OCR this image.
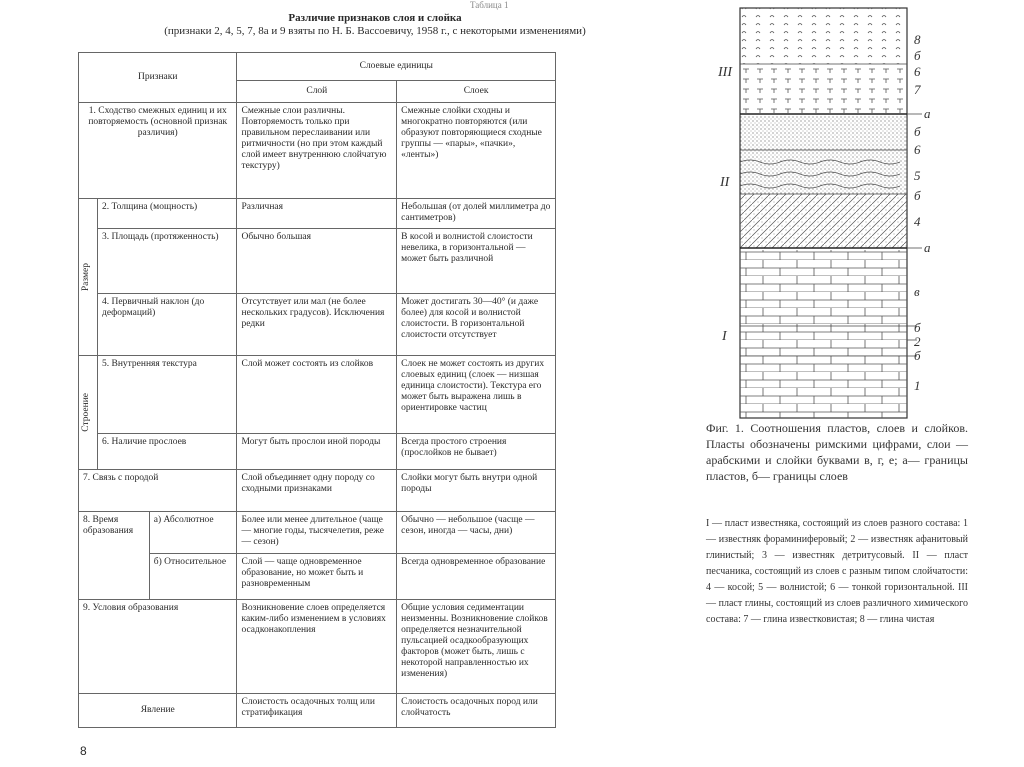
Таблица 1
Различие признаков слоя и слойка
(признаки 2, 4, 5, 7, 8а и 9 взяты по Н. Б. Вассоевичу, 1958 г., с некоторыми изменениями)
Признаки			Слоевые единицы	
			Слой	Слоек
1. Сходство смежных единиц и их повторяемость (основной признак различия)			Смежные слои различны. Повторяемость только при правильном переслаивании или ритмичности (но при этом каждый слой имеет внутреннюю слойчатую текстуру)	Смежные слойки сходны и многократно повторяются (или образуют повторяющиеся сходные группы — «пары», «пачки», «ленты»)

Размер	2. Толщина (мощность)		Различная	Небольшая (от долей миллиметра до сантиметров)
	3. Площадь (протяженность)		Обычно большая	В косой и волнистой слоистости невелика, в горизонтальной — может быть различной
	4. Первичный наклон (до деформаций)		Отсутствует или мал (не более нескольких градусов). Исключения редки	Может достигать 30—40° (и даже более) для косой и волнистой слоистости. В горизонтальной слоистости отсутствует

Строение	5. Внутренняя текстура		Слой может состоять из слойков	Слоек не может состоять из других слоевых единиц (слоек — низшая единица слоистости). Текстура его может быть выражена лишь в ориентировке частиц
	6. Наличие прослоев		Могут быть прослои иной породы	Всегда простого строения (прослойков не бывает)
7. Связь с породой			Слой объединяет одну породу со сходными признаками	Слойки могут быть внутри одной породы
8. Время образования		а) Абсолютное	Более или менее длительное (чаще — многие годы, тысячелетия, реже — сезон)	Обычно — небольшое (часще — сезон, иногда — часы, дни)
		б) Относительное	Слой — чаще одновременное образование, но может быть и разновременным	Всегда одновременное образование
9. Условия образования			Возникновение слоев определяется каким-либо изменением в условиях осадконакопления	Общие условия седиментации неизменны. Возникновение слойков определяется незначительной пульсацией осадкообразующих факторов (может быть, лишь с некоторой направленностью их изменения)
Явление			Слоистость осадочных толщ или стратификация	Слоистость осадочных пород или слойчатость
8
III
II
I
8
б
6
7
а
б
6
5
б
4
а
в
б
2
б
1
Фиг. 1. Соотношения пластов, слоев и слойков. Пласты обозначены римскими цифрами, слои — арабскими и слойки буквами в, г, е; а— границы пластов, б— границы слоев
I — пласт известняка, состоящий из слоев разного состава: 1 — известняк фораминиферовый; 2 — известняк афанитовый глинистый; 3 — известняк детритусовый. II — пласт песчаника, состоящий из слоев с разным типом слойчатости: 4 — косой; 5 — волнистой; 6 — тонкой горизонтальной. III — пласт глины, состоящий из слоев различного химического состава: 7 — глина известковистая; 8 — глина чистая
